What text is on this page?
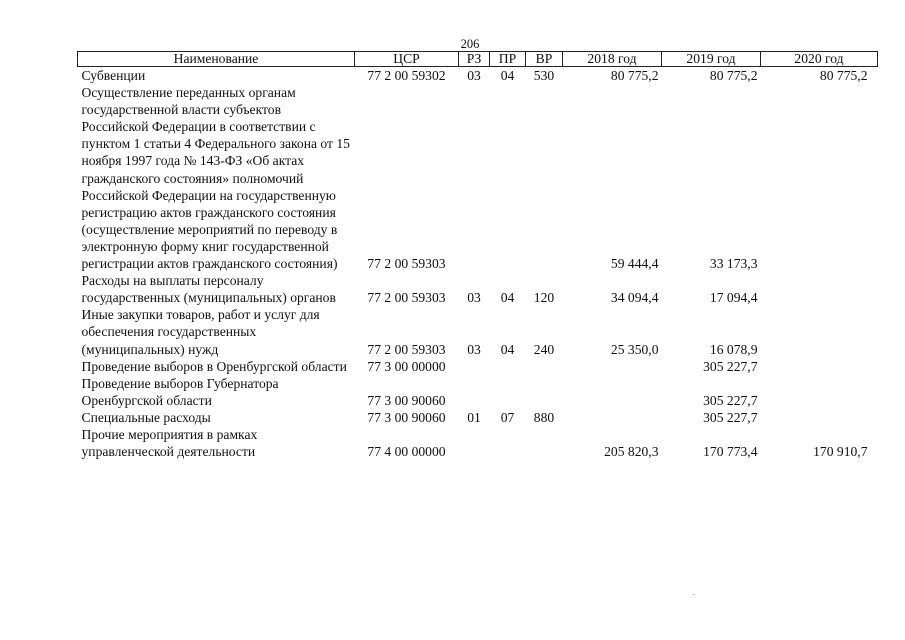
206
Наименование	ЦСР	РЗ	ПР	ВР	2018 год	2019 год	2020 год
Субвенции	77 2 00 59302	03	04	530	80 775,2	80 775,2	80 775,2
Осуществление переданных органам государственной власти субъектов Российской Федерации в соответствии с пунктом 1 статьи 4 Федерального закона от 15 ноября 1997 года № 143-ФЗ «Об актах гражданского состояния» полномочий Российской Федерации на государственную регистрацию актов гражданского состояния (осуществление мероприятий по переводу в электронную форму книг государственной регистрации актов гражданского состояния)	77 2 00 59303				59 444,4	33 173,3	
Расходы на выплаты персоналу государственных (муниципальных) органов	77 2 00 59303	03	04	120	34 094,4	17 094,4	
Иные закупки товаров, работ и услуг для обеспечения государственных (муниципальных) нужд	77 2 00 59303	03	04	240	25 350,0	16 078,9	
Проведение выборов в Оренбургской области	77 3 00 00000					305 227,7	
Проведение выборов Губернатора Оренбургской области	77 3 00 90060					305 227,7	
Специальные расходы	77 3 00 90060	01	07	880		305 227,7	
Прочие мероприятия в рамках управленческой деятельности	77 4 00 00000				205 820,3	170 773,4	170 910,7
